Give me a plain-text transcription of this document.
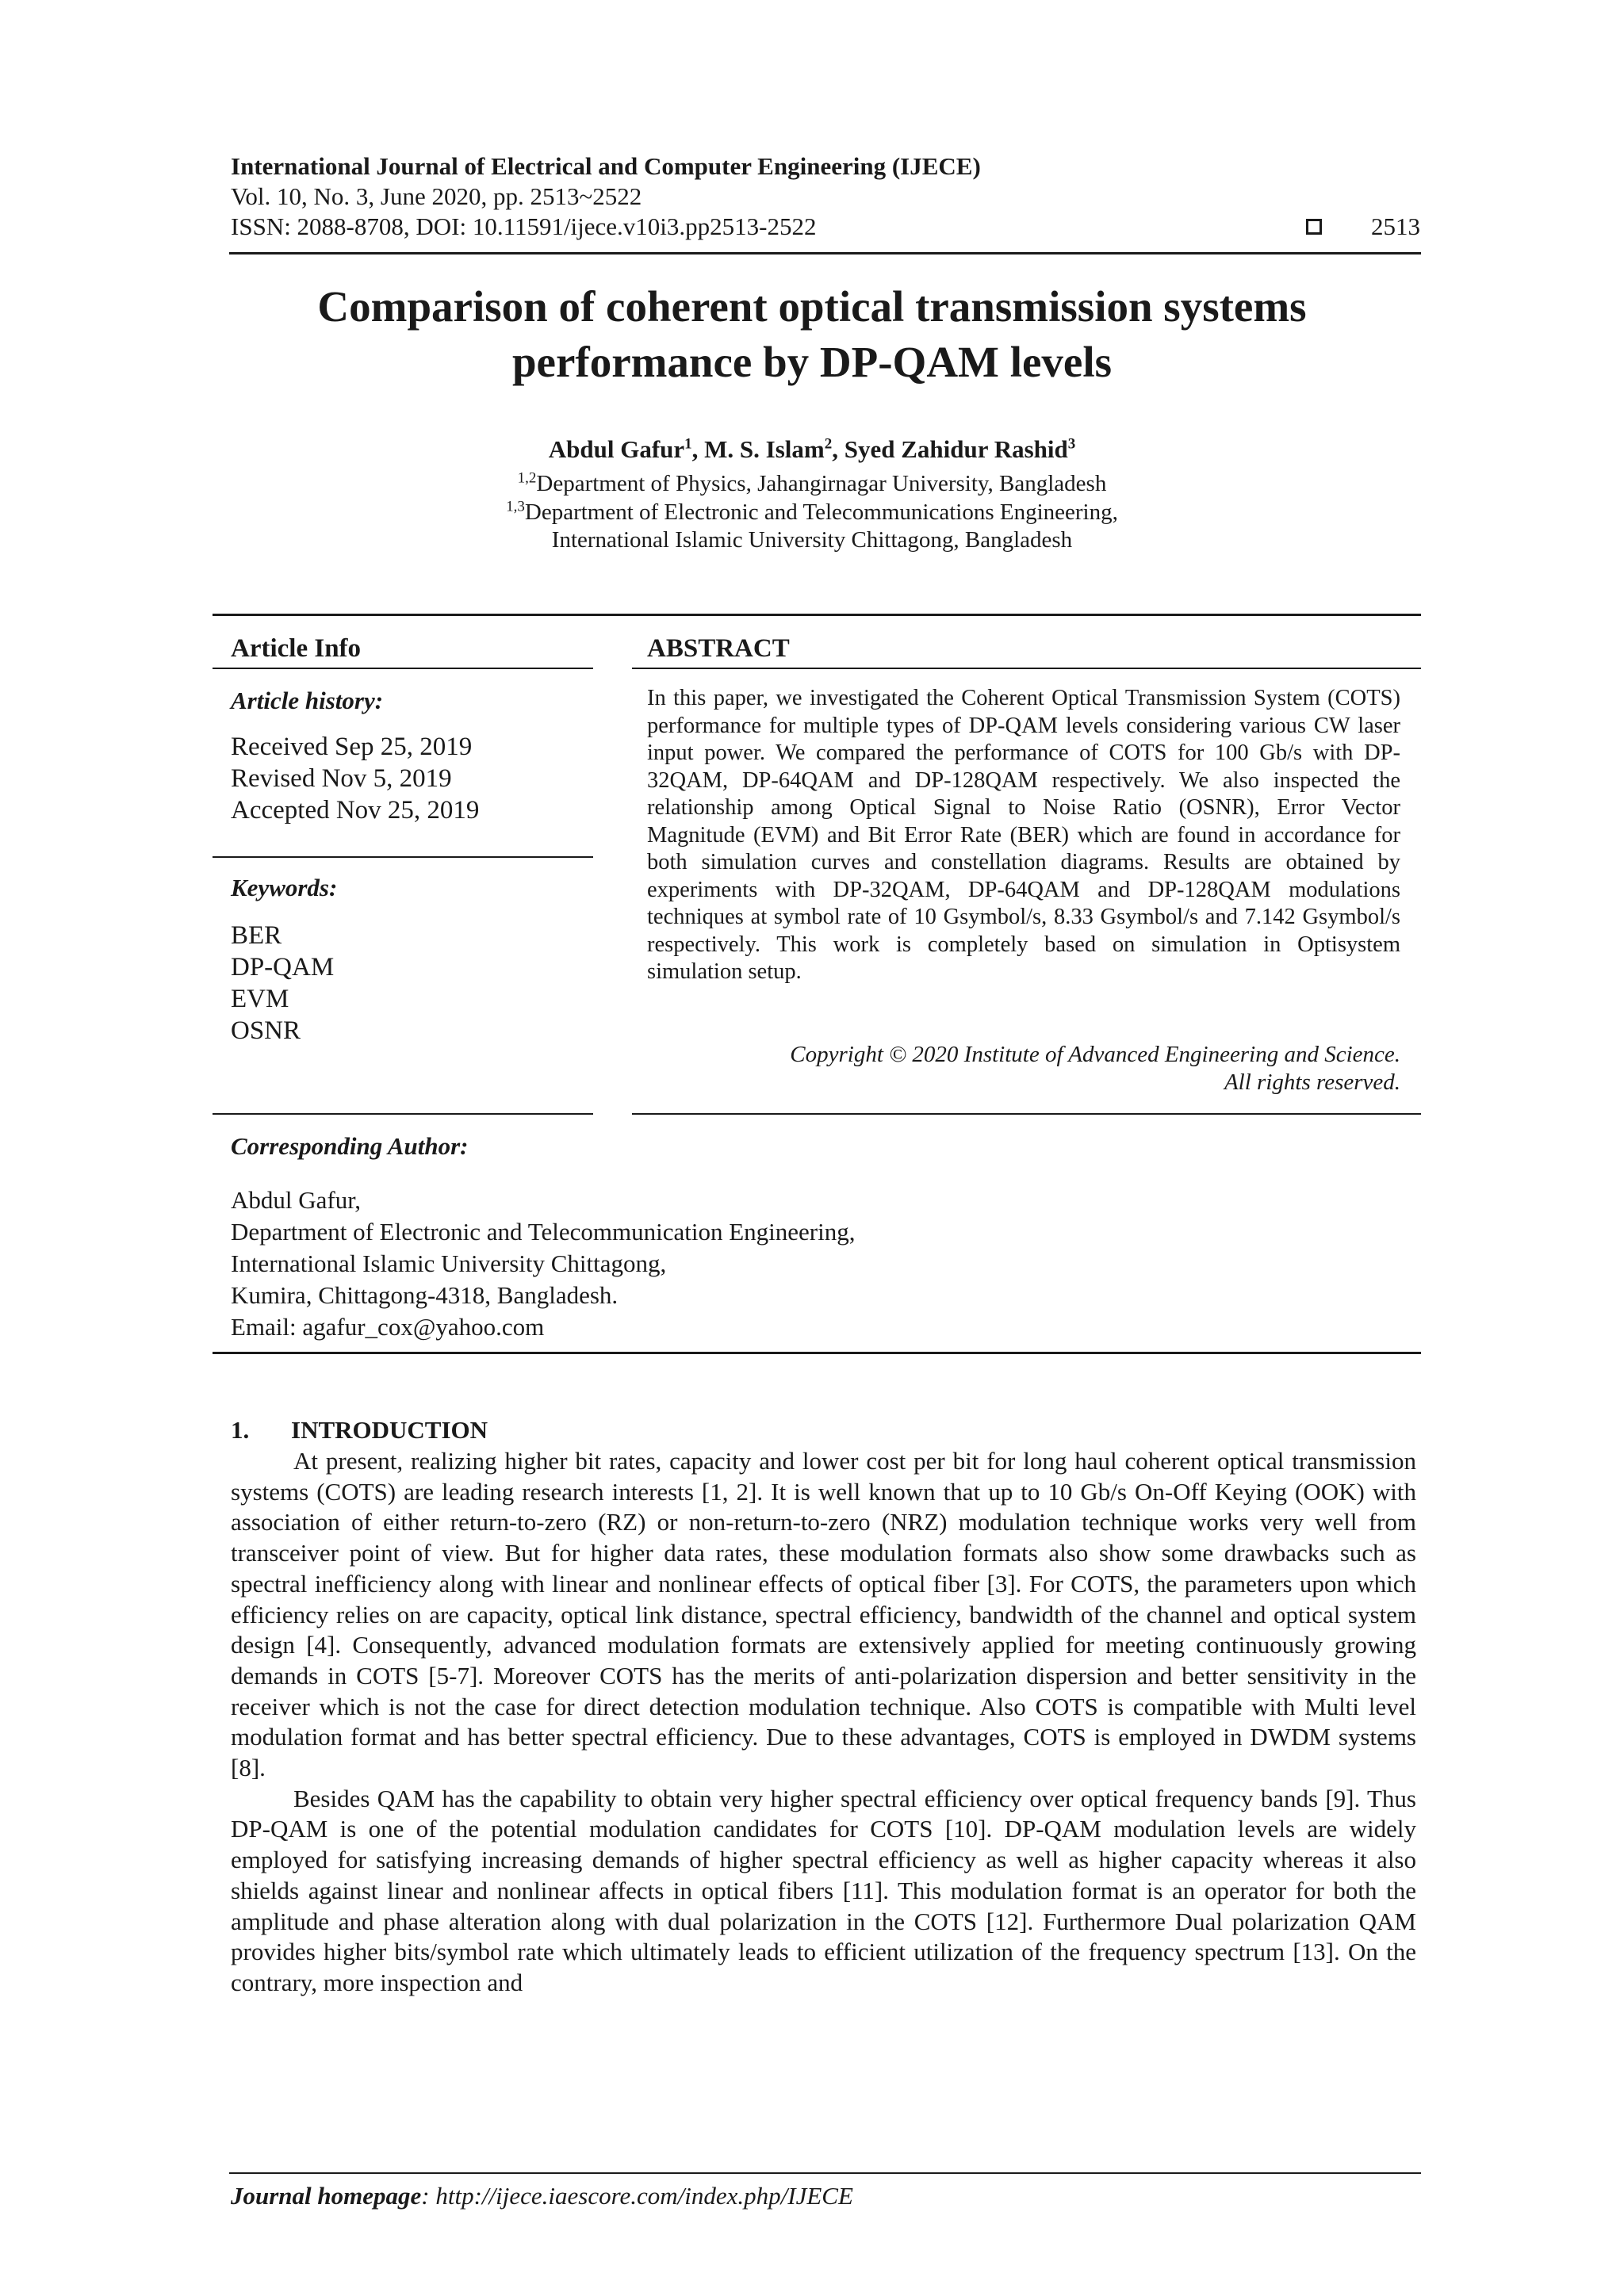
International Journal of Electrical and Computer Engineering (IJECE)
Vol. 10, No. 3, June 2020, pp. 2513~2522
ISSN: 2088-8708, DOI: 10.11591/ijece.v10i3.pp2513-2522	2513
Comparison of coherent optical transmission systems
performance by DP-QAM levels
Abdul Gafur$^1$, M. S. Islam$^2$, Syed Zahidur Rashid$^3$
$^{1,2}$Department of Physics, Jahangirnagar University, Bangladesh
$^{1,3}$Department of Electronic and Telecommunications Engineering,
International Islamic University Chittagong, Bangladesh
Article Info
Article history:
Received Sep 25, 2019
Revised Nov 5, 2019
Accepted Nov 25, 2019
Keywords:
BER
DP-QAM
EVM
OSNR
ABSTRACT

In this paper, we investigated the Coherent Optical Transmission System (COTS) performance for multiple types of DP-QAM levels considering various CW laser input power. We compared the performance of COTS for 100 Gb/s with DP-32QAM, DP-64QAM and DP-128QAM respectively. We also inspected the relationship among Optical Signal to Noise Ratio (OSNR), Error Vector Magnitude (EVM) and Bit Error Rate (BER) which are found in accordance for both simulation curves and constellation diagrams. Results are obtained by experiments with DP-32QAM, DP-64QAM and DP-128QAM modulations techniques at symbol rate of 10 Gsymbol/s, 8.33 Gsymbol/s and 7.142 Gsymbol/s respectively. This work is completely based on simulation in Optisystem simulation setup.

Copyright © 2020 Institute of Advanced Engineering and Science.
All rights reserved.
Corresponding Author:
Abdul Gafur,
Department of Electronic and Telecommunication Engineering,
International Islamic University Chittagong,
Kumira, Chittagong-4318, Bangladesh.
Email: agafur_cox@yahoo.com
1. INTRODUCTION

At present, realizing higher bit rates, capacity and lower cost per bit for long haul coherent optical transmission systems (COTS) are leading research interests [1, 2]. It is well known that up to 10 Gb/s On-Off Keying (OOK) with association of either return-to-zero (RZ) or non-return-to-zero (NRZ) modulation technique works very well from transceiver point of view. But for higher data rates, these modulation formats also show some drawbacks such as spectral inefficiency along with linear and nonlinear effects of optical fiber [3]. For COTS, the parameters upon which efficiency relies on are capacity, optical link distance, spectral efficiency, bandwidth of the channel and optical system design [4]. Consequently, advanced modulation formats are extensively applied for meeting continuously growing demands in COTS [5-7]. Moreover COTS has the merits of anti-polarization dispersion and better sensitivity in the receiver which is not the case for direct detection modulation technique. Also COTS is compatible with Multi level modulation format and has better spectral efficiency. Due to these advantages, COTS is employed in DWDM systems [8].

Besides QAM has the capability to obtain very higher spectral efficiency over optical frequency bands [9]. Thus DP-QAM is one of the potential modulation candidates for COTS [10]. DP-QAM modulation levels are widely employed for satisfying increasing demands of higher spectral efficiency as well as higher capacity whereas it also shields against linear and nonlinear affects in optical fibers [11]. This modulation format is an operator for both the amplitude and phase alteration along with dual polarization in the COTS [12]. Furthermore Dual polarization QAM provides higher bits/symbol rate which ultimately leads to efficient utilization of the frequency spectrum [13]. On the contrary, more inspection and

Journal homepage: http://ijece.iaescore.com/index.php/IJECE
